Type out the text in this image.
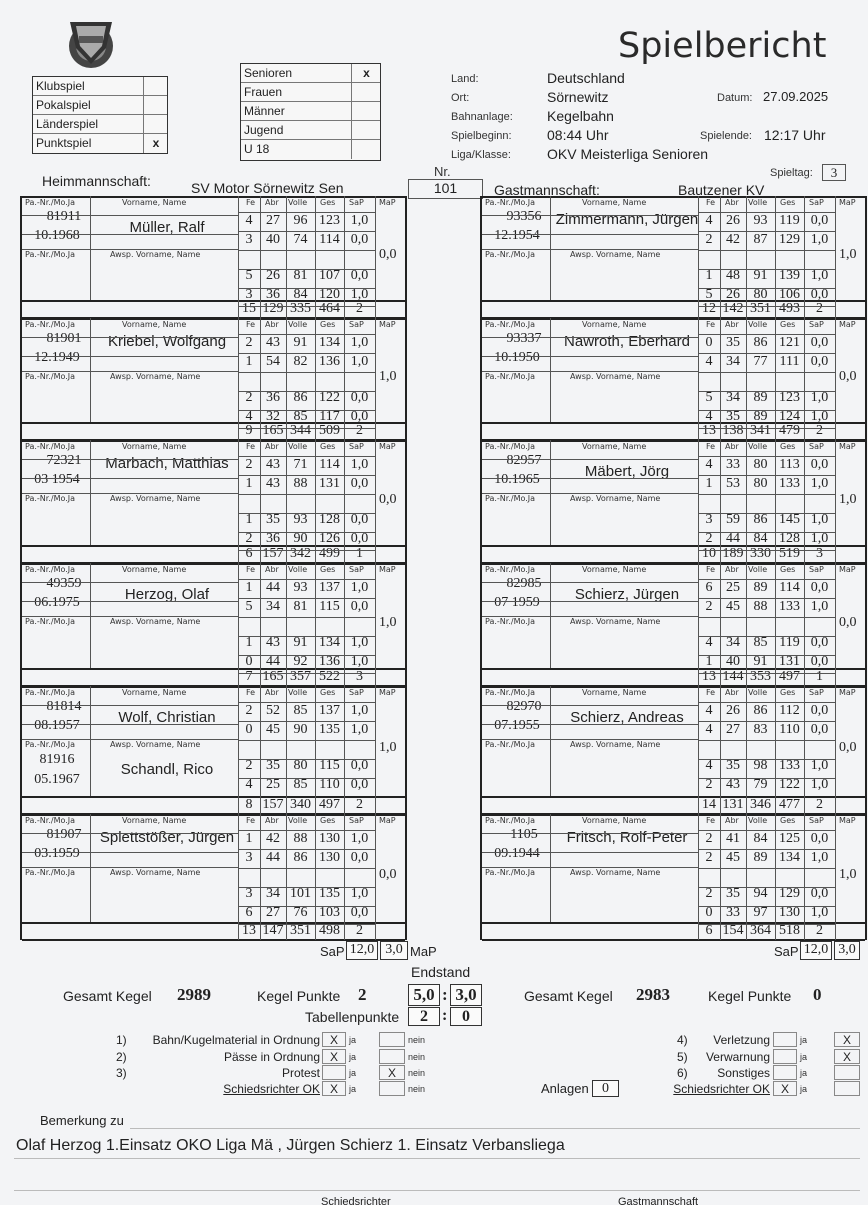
Spielbericht
Klubspiel
Pokalspiel
Länderspiel
Punktspiel	x
Senioren	x
Frauen
Männer
Jugend
U 18
Land:	Deutschland
Ort:	Sörnewitz	Datum: 27.09.2025
Bahnanlage: Kegelbahn
Spielbeginn:	08:44 Uhr	Spielende: 12:17 Uhr
Liga/Klasse:	OKV Meisterliga Senioren
Nr.	Spieltag:	3
Heimmannschaft:	SV Motor Sörnewitz Sen	101	Gastmannschaft:	Bautzener KV
Pa.-Nr./Mo.Ja	Vorname, Name	Fe Abr Volle Ges SaP MaP
81911
10.1968	Müller, Ralf
Pa.-Nr./Mo.Ja	Awsp. Vorname, Name
4 27 96 123 1,0
3 40 74 114 0,0
5 26 81 107 0,0
3 36 84 120 1,0
0,0
15 129 335 464	2
Pa.-Nr./Mo.Ja	Vorname, Name	Fe Abr Volle Ges SaP MaP
81901
12.1949
Kriebel, Wolfgang
Pa.-Nr./Mo.Ja	Awsp. Vorname, Name
2 43 91 134 1,0
1 54 82 136 1,0
2 36 86 122 0,0
4 32 85 117 0,0
1,0
9 165 344 509	2
Pa.-Nr./Mo.Ja	Vorname, Name	Fe Abr Volle Ges SaP MaP
72321
03 1954
Marbach, Matthias
Pa.-Nr./Mo.Ja	Awsp. Vorname, Name
2 43 71 114 1,0
1 43 88 131 0,0
1 35 93 128 0,0
2 36 90 126 0,0
0,0
6 157 342 499	1
Pa.-Nr./Mo.Ja	Vorname, Name	Fe Abr Volle Ges SaP MaP
49359
06.1975	Herzog, Olaf
Pa.-Nr./Mo.Ja	Awsp. Vorname, Name
1 44 93 137 1,0
5 34 81 115 0,0
1 43 91 134 1,0
0 44 92 136 1,0
1,0
7 165 357 522	3
Pa.-Nr./Mo.Ja	Vorname, Name	Fe Abr Volle Ges SaP MaP
81814
08.1957	Wolf, Christian
Pa.-Nr./Mo.Ja	Awsp. Vorname, Name
81916
05.1967
Schandl, Rico
2 52 85 137 1,0
0 45 90 135 1,0
2 35 80 115 0,0
4 25 85 110 0,0
1,0
8 157 340 497	2
Pa.-Nr./Mo.Ja	Vorname, Name	Fe Abr Volle Ges SaP MaP
81907
03.1959
Splettstößer, Jürgen
Pa.-Nr./Mo.Ja	Awsp. Vorname, Name
1 42 88 130 1,0
3 44 86 130 0,0
3 34 101 135 1,0
6 27 76 103 0,0
0,0
13 147 351 498	2
Pa.-Nr./Mo.Ja	Vorname, Name	Fe Abr Volle Ges SaP MaP
93356
12.1954
Zimmermann, Jürgen
Pa.-Nr./Mo.Ja	Awsp. Vorname, Name
4 26 93 119 0,0
2 42 87 129 1,0
1 48 91 139 1,0
5 26 80 106 0,0
1,0
12 142 351 493	2
Pa.-Nr./Mo.Ja	Vorname, Name	Fe Abr Volle Ges SaP MaP
93337
10.1950
Nawroth, Eberhard
Pa.-Nr./Mo.Ja	Awsp. Vorname, Name
0 35 86 121 0,0
4 34 77 111 0,0
5 34 89 123 1,0
4 35 89 124 1,0
0,0
13 138 341 479	2
Pa.-Nr./Mo.Ja	Vorname, Name	Fe Abr Volle Ges SaP MaP
82957
10.1965	Mäbert, Jörg
Pa.-Nr./Mo.Ja	Awsp. Vorname, Name
4 33 80 113 0,0
1 53 80 133 1,0
3 59 86 145 1,0
2 44 84 128 1,0
1,0
10 189 330 519	3
Pa.-Nr./Mo.Ja	Vorname, Name	Fe Abr Volle Ges SaP MaP
82985
07 1959	Schierz, Jürgen
Pa.-Nr./Mo.Ja	Awsp. Vorname, Name
6 25 89 114 0,0
2 45 88 133 1,0
4 34 85 119 0,0
1 40 91 131 0,0
0,0
13 144 353 497	1
Pa.-Nr./Mo.Ja	Vorname, Name	Fe Abr Volle Ges SaP MaP
82970
07.1955	Schierz, Andreas
Pa.-Nr./Mo.Ja	Awsp. Vorname, Name
4 26 86 112 0,0
4 27 83 110 0,0
4 35 98 133 1,0
2 43 79 122 1,0
0,0
14 131 346 477	2
Pa.-Nr./Mo.Ja	Vorname, Name	Fe Abr Volle Ges SaP MaP
1105
09.1944
Fritsch, Rolf-Peter
Pa.-Nr./Mo.Ja	Awsp. Vorname, Name
2 41 84 125 0,0
2 45 89 134 1,0
2 35 94 129 0,0
0 33 97 130 1,0
1,0
6 154 364 518	2
SaP 12,0 3,0 MaP	SaP 12,0 3,0
Endstand
Gesamt Kegel 2989	Kegel Punkte 2	5,0 : 3,0	Gesamt Kegel 2983	Kegel Punkte 0
Tabellenpunkte	2 : 0
1) Bahn/Kugelmaterial in Ordnung X	ja	nein
2)	Pässe in Ordnung X	ja	nein
3)	Protest	ja	X	nein
Schiedsrichter OK X	ja	nein
4) Verletzung	ja	X
5) Verwarnung	ja	X
6) Sonstiges	ja
Schiedsrichter OK X	ja
Anlagen 0
Bemerkung zu
Olaf Herzog 1.Einsatz OKO Liga Mä , Jürgen Schierz 1. Einsatz Verbansliega
Schiedsrichter	Gastmannschaft
